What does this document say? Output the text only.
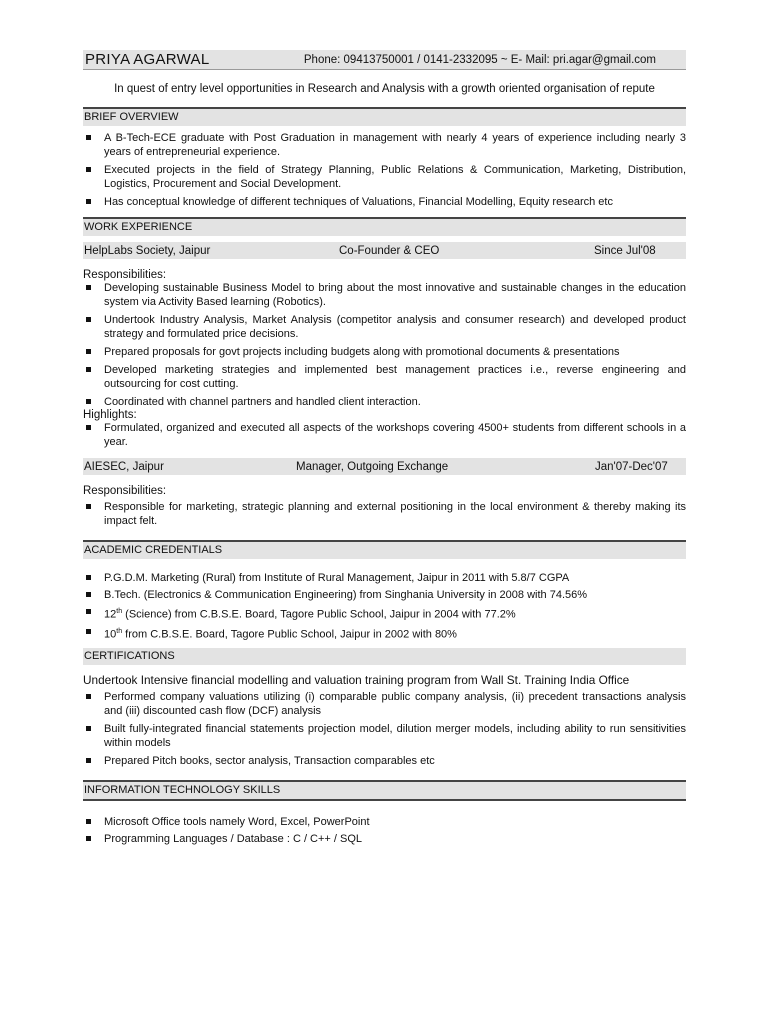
PRIYA AGARWAL	Phone: 09413750001 / 0141-2332095 ~ E- Mail: pri.agar@gmail.com
In quest of entry level opportunities in Research and Analysis with a growth oriented organisation of repute
BRIEF OVERVIEW
A B-Tech-ECE graduate with Post Graduation in management with nearly 4 years of experience including nearly 3 years of entrepreneurial experience.
Executed projects in the field of Strategy Planning, Public Relations & Communication, Marketing, Distribution, Logistics, Procurement and Social Development.
Has conceptual knowledge of different techniques of Valuations, Financial Modelling, Equity research etc
WORK EXPERIENCE
HelpLabs Society, Jaipur	Co-Founder & CEO	Since Jul'08

Responsibilities:

Developing sustainable Business Model to bring about the most innovative and sustainable changes in the education system via Activity Based learning (Robotics).
Undertook Industry Analysis, Market Analysis (competitor analysis and consumer research) and developed product strategy and formulated price decisions.
Prepared proposals for govt projects including budgets along with promotional documents & presentations
Developed marketing strategies and implemented best management practices i.e., reverse engineering and outsourcing for cost cutting.
Coordinated with channel partners and handled client interaction.

Highlights:

Formulated, organized and executed all aspects of the workshops covering 4500+ students from different schools in a year.
AIESEC, Jaipur	Manager, Outgoing Exchange	Jan'07-Dec'07

Responsibilities:

Responsible for marketing, strategic planning and external positioning in the local environment & thereby making its impact felt.
ACADEMIC CREDENTIALS
P.G.D.M. Marketing (Rural) from Institute of Rural Management, Jaipur in 2011 with 5.8/7 CGPA
B.Tech. (Electronics & Communication Engineering) from Singhania University in 2008 with 74.56%
12th (Science) from C.B.S.E. Board, Tagore Public School, Jaipur in 2004 with 77.2%
10th from C.B.S.E. Board, Tagore Public School, Jaipur in 2002 with 80%
CERTIFICATIONS

Undertook Intensive financial modelling and valuation training program from Wall St. Training India Office

Performed company valuations utilizing (i) comparable public company analysis, (ii) precedent transactions analysis and (iii) discounted cash flow (DCF) analysis
Built fully-integrated financial statements projection model, dilution merger models, including ability to run sensitivities within models
Prepared Pitch books, sector analysis, Transaction comparables etc
INFORMATION TECHNOLOGY SKILLS
Microsoft Office tools namely Word, Excel, PowerPoint
Programming Languages / Database : C / C++ / SQL
